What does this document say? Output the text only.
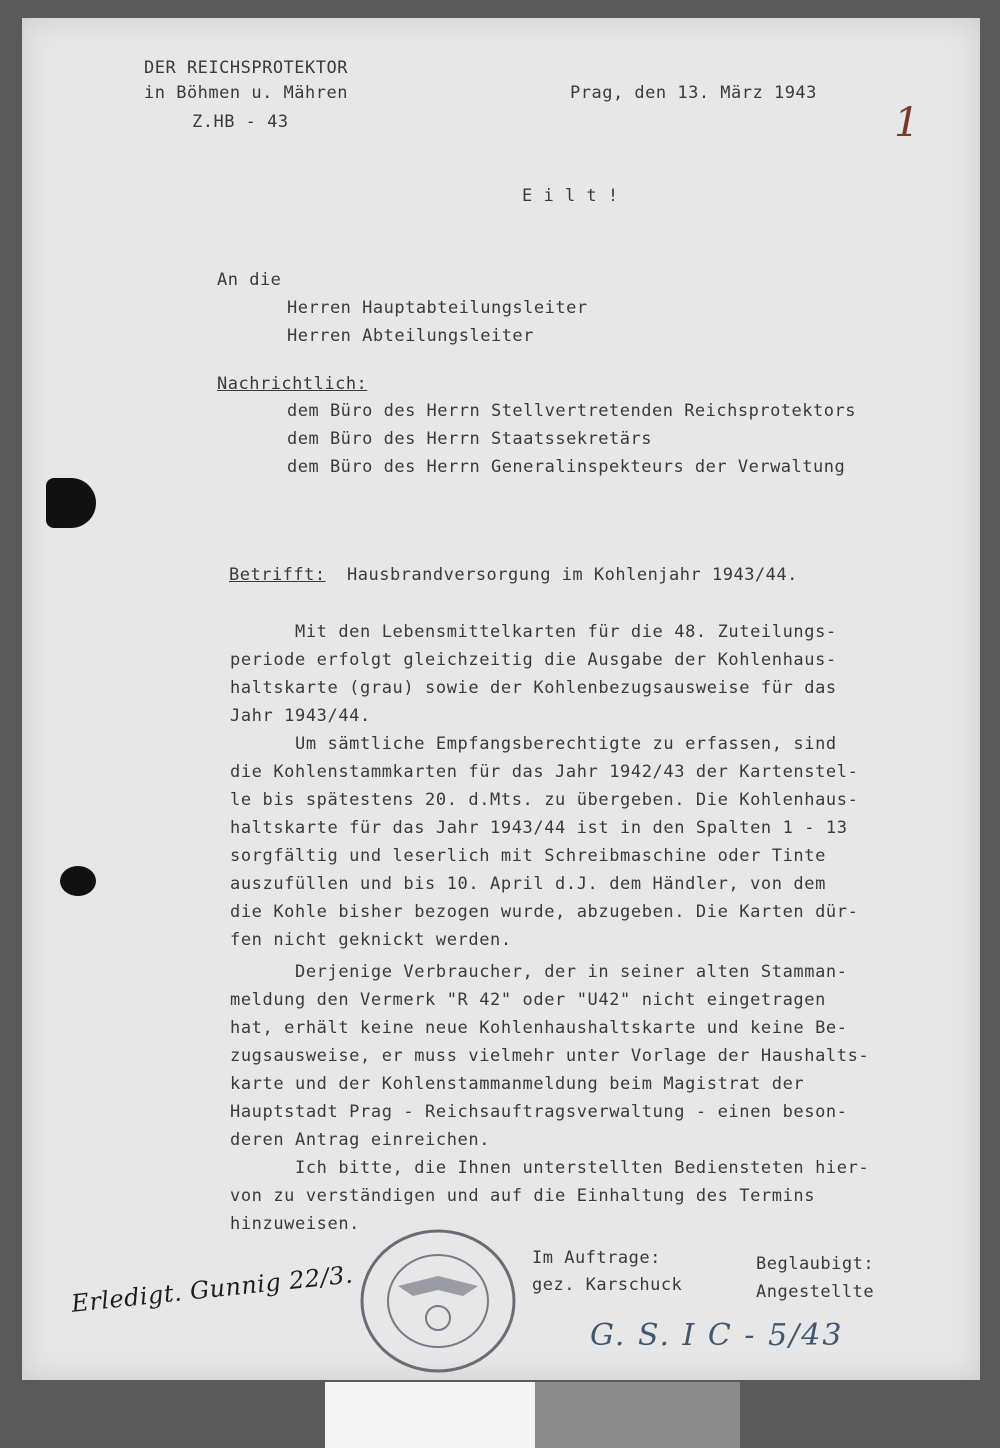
DER REICHSPROTEKTOR
in Böhmen u. Mähren
Z.HB - 43
Prag, den 13. März 1943
1
E i l t !
An die
Herren Hauptabteilungsleiter
Herren Abteilungsleiter
Nachrichtlich:
dem Büro des Herrn Stellvertretenden Reichsprotektors
dem Büro des Herrn Staatssekretärs
dem Büro des Herrn Generalinspekteurs der Verwaltung
Betrifft: Hausbrandversorgung im Kohlenjahr 1943/44.
Mit den Lebensmittelkarten für die 48. Zuteilungs-
periode erfolgt gleichzeitig die Ausgabe der Kohlenhaus-
haltskarte (grau) sowie der Kohlenbezugsausweise für das
Jahr 1943/44.
Um sämtliche Empfangsberechtigte zu erfassen, sind
die Kohlenstammkarten für das Jahr 1942/43 der Kartenstel-
le bis spätestens 20. d.Mts. zu übergeben. Die Kohlenhaus-
haltskarte für das Jahr 1943/44 ist in den Spalten 1 - 13
sorgfältig und leserlich mit Schreibmaschine oder Tinte
auszufüllen und bis 10. April d.J. dem Händler, von dem
die Kohle bisher bezogen wurde, abzugeben. Die Karten dür-
fen nicht geknickt werden.
Derjenige Verbraucher, der in seiner alten Stamman-
meldung den Vermerk "R 42" oder "U42" nicht eingetragen
hat, erhält keine neue Kohlenhaushaltskarte und keine Be-
zugsausweise, er muss vielmehr unter Vorlage der Haushalts-
karte und der Kohlenstammanmeldung beim Magistrat der
Hauptstadt Prag - Reichsauftragsverwaltung - einen beson-
deren Antrag einreichen.
Ich bitte, die Ihnen unterstellten Bediensteten hier-
von zu verständigen und auf die Einhaltung des Termins
hinzuweisen.
Im Auftrage:
gez. Karschuck
Beglaubigt:
Angestellte
Erledigt. Gunnig 22/3.
G. S. I C - 5/43
